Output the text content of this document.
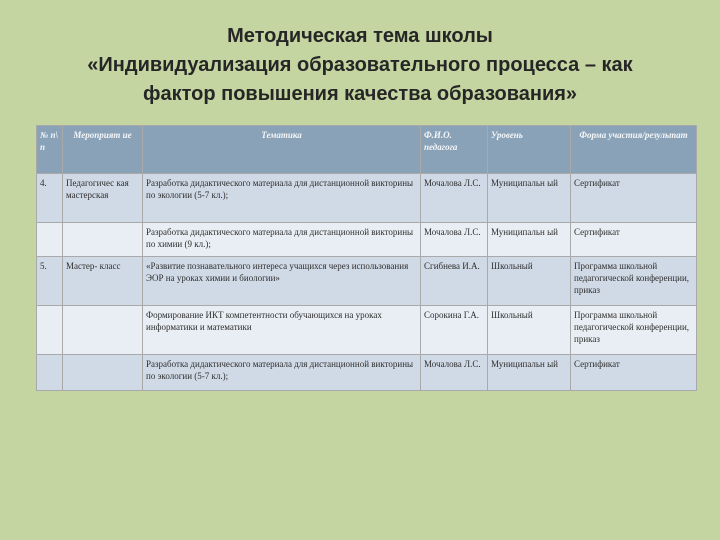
Методическая тема школы
«Индивидуализация образовательного процесса – как
фактор повышения качества образования»
№ п\ п	Мероприят ие	Тематика	Ф.И.О. педагога	Уровень	Форма участия/результат
4.	Педагогичес кая мастерская	Разработка дидактического материала для дистанционной викторины по экологии (5-7 кл.);	Мочалова Л.С.	Муниципальн ый	Сертификат
		Разработка дидактического материала для дистанционной викторины по химии (9 кл.);	Мочалова Л.С.	Муниципальн ый	Сертификат
5.	Мастер- класс	«Развитие познавательного интереса учащихся через использования ЭОР на уроках химии и биологии»	Сгибнева И.А.	Школьный	Программа школьной педагогической конференции, приказ
		Формирование ИКТ компетентности обучающихся на уроках информатики и математики	Сорокина Г.А.	Школьный	Программа школьной педагогической конференции, приказ
		Разработка дидактического материала для дистанционной викторины по экологии (5-7 кл.);	Мочалова Л.С.	Муниципальн ый	Сертификат
